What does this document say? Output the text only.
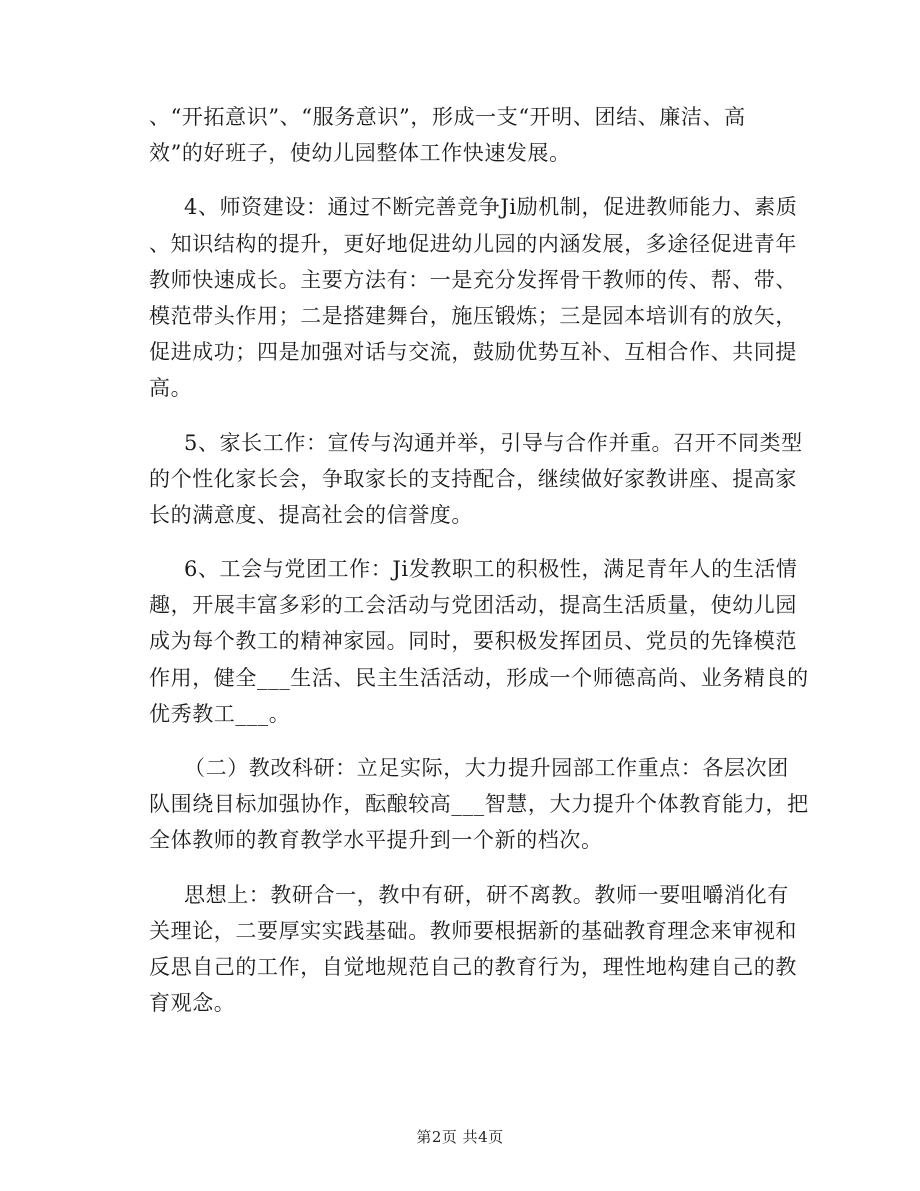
、“开拓意识”、“服务意识”，形成一支“开明、团结、廉洁、高
效”的好班子，使幼儿园整体工作快速发展。
4、师资建设：通过不断完善竞争Ji励机制，促进教师能力、素质
、知识结构的提升，更好地促进幼儿园的内涵发展，多途径促进青年
教师快速成长。主要方法有：一是充分发挥骨干教师的传、帮、带、
模范带头作用；二是搭建舞台，施压锻炼；三是园本培训有的放矢，
促进成功；四是加强对话与交流，鼓励优势互补、互相合作、共同提
高。
5、家长工作：宣传与沟通并举，引导与合作并重。召开不同类型
的个性化家长会，争取家长的支持配合，继续做好家教讲座、提高家
长的满意度、提高社会的信誉度。
6、工会与党团工作：Ji发教职工的积极性，满足青年人的生活情
趣，开展丰富多彩的工会活动与党团活动，提高生活质量，使幼儿园
成为每个教工的精神家园。同时，要积极发挥团员、党员的先锋模范
作用，健全___生活、民主生活活动，形成一个师德高尚、业务精良的
优秀教工___。
（二）教改科研：立足实际，大力提升园部工作重点：各层次团
队围绕目标加强协作，酝酿较高___智慧，大力提升个体教育能力，把
全体教师的教育教学水平提升到一个新的档次。
思想上：教研合一，教中有研，研不离教。教师一要咀嚼消化有
关理论，二要厚实实践基础。教师要根据新的基础教育理念来审视和
反思自己的工作，自觉地规范自己的教育行为，理性地构建自己的教
育观念。
第2页 共4页
